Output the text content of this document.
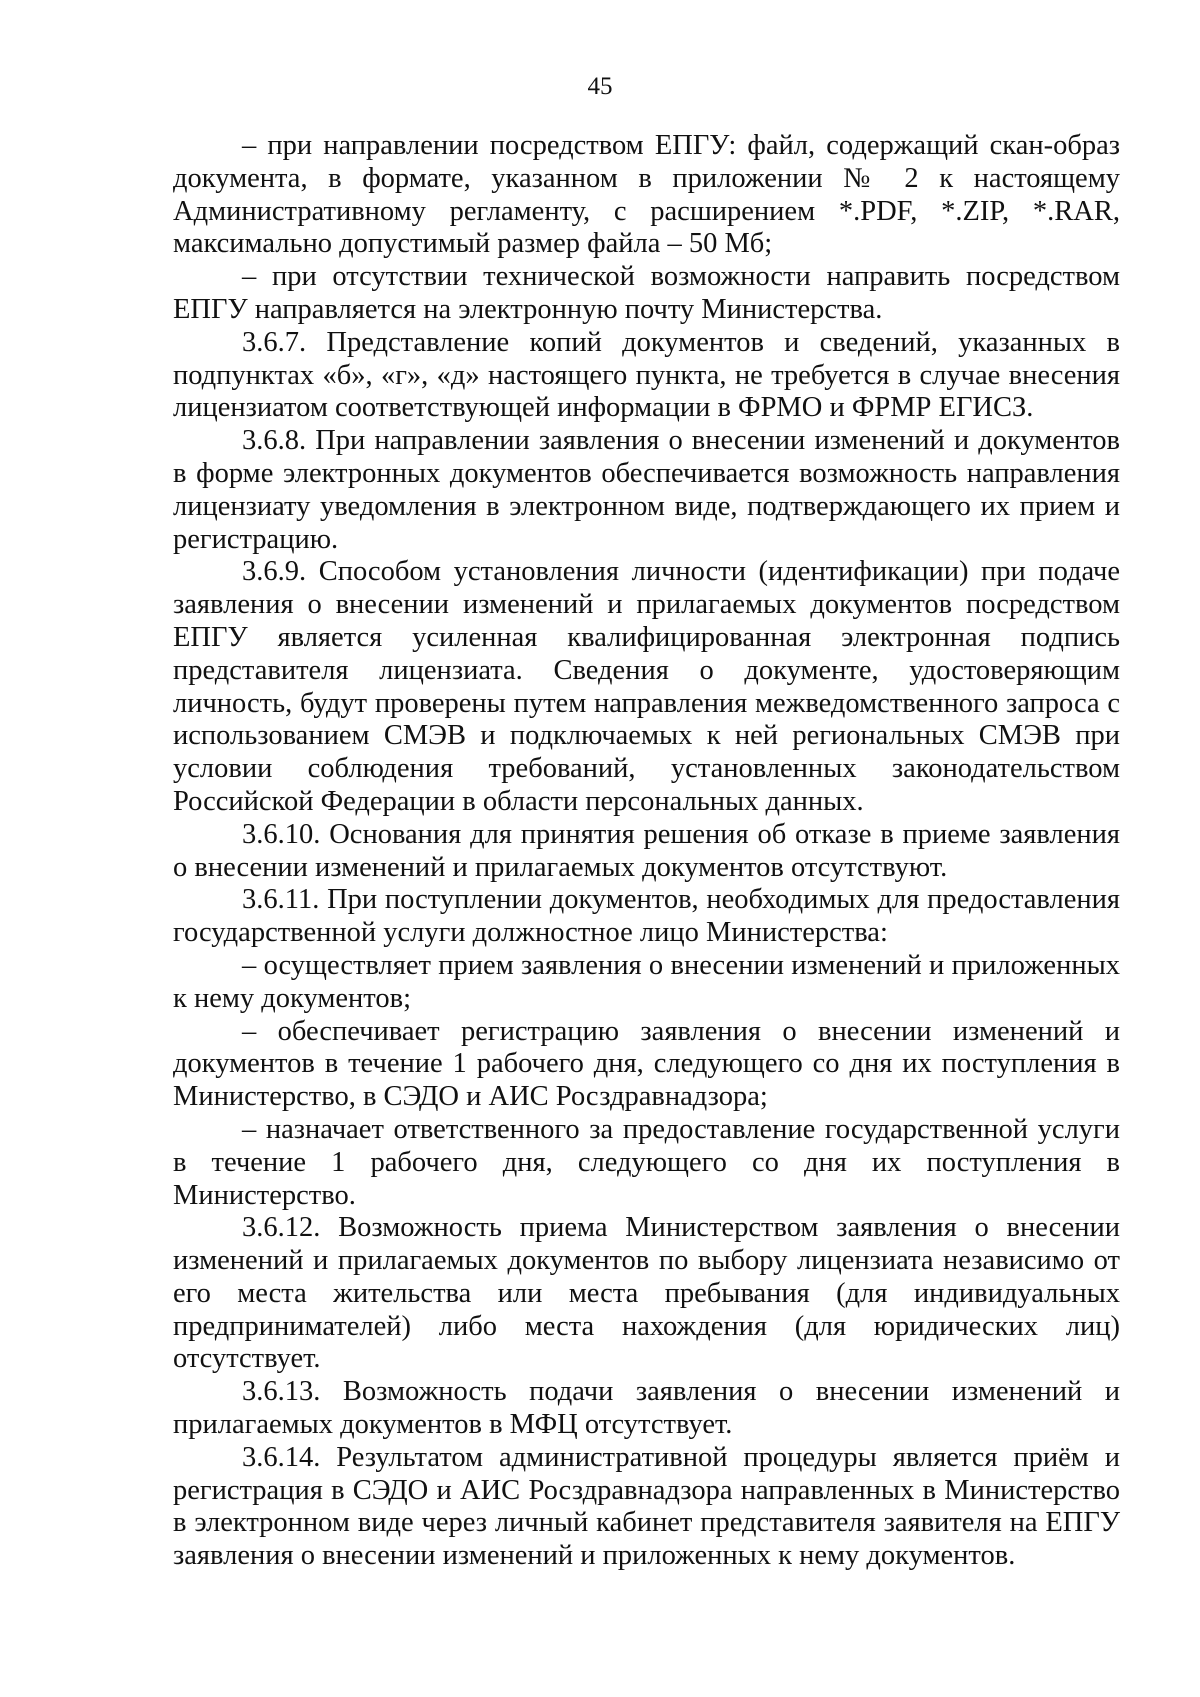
45

– при направлении посредством ЕПГУ: файл, содержащий скан-образ документа, в формате, указанном в приложении № 2 к настоящему Административному регламенту, с расширением *.PDF, *.ZIP, *.RAR, максимально допустимый размер файла – 50 Мб;

– при отсутствии технической возможности направить посредством ЕПГУ направляется на электронную почту Министерства.

3.6.7. Представление копий документов и сведений, указанных в подпунктах «б», «г», «д» настоящего пункта, не требуется в случае внесения лицензиатом соответствующей информации в ФРМО и ФРМР ЕГИСЗ.

3.6.8. При направлении заявления о внесении изменений и документов в форме электронных документов обеспечивается возможность направления лицензиату уведомления в электронном виде, подтверждающего их прием и регистрацию.

3.6.9. Способом установления личности (идентификации) при подаче заявления о внесении изменений и прилагаемых документов посредством ЕПГУ является усиленная квалифицированная электронная подпись представителя лицензиата. Сведения о документе, удостоверяющим личность, будут проверены путем направления межведомственного запроса с использованием СМЭВ и подключаемых к ней региональных СМЭВ при условии соблюдения требований, установленных законодательством Российской Федерации в области персональных данных.

3.6.10. Основания для принятия решения об отказе в приеме заявления о внесении изменений и прилагаемых документов отсутствуют.

3.6.11. При поступлении документов, необходимых для предоставления государственной услуги должностное лицо Министерства:

– осуществляет прием заявления о внесении изменений и приложенных к нему документов;

– обеспечивает регистрацию заявления о внесении изменений и документов в течение 1 рабочего дня, следующего со дня их поступления в Министерство, в СЭДО и АИС Росздравнадзора;

– назначает ответственного за предоставление государственной услуги в течение 1 рабочего дня, следующего со дня их поступления в Министерство.

3.6.12. Возможность приема Министерством заявления о внесении изменений и прилагаемых документов по выбору лицензиата независимо от его места жительства или места пребывания (для индивидуальных предпринимателей) либо места нахождения (для юридических лиц) отсутствует.

3.6.13. Возможность подачи заявления о внесении изменений и прилагаемых документов в МФЦ отсутствует.

3.6.14. Результатом административной процедуры является приём и регистрация в СЭДО и АИС Росздравнадзора направленных в Министерство в электронном виде через личный кабинет представителя заявителя на ЕПГУ заявления о внесении изменений и приложенных к нему документов.
